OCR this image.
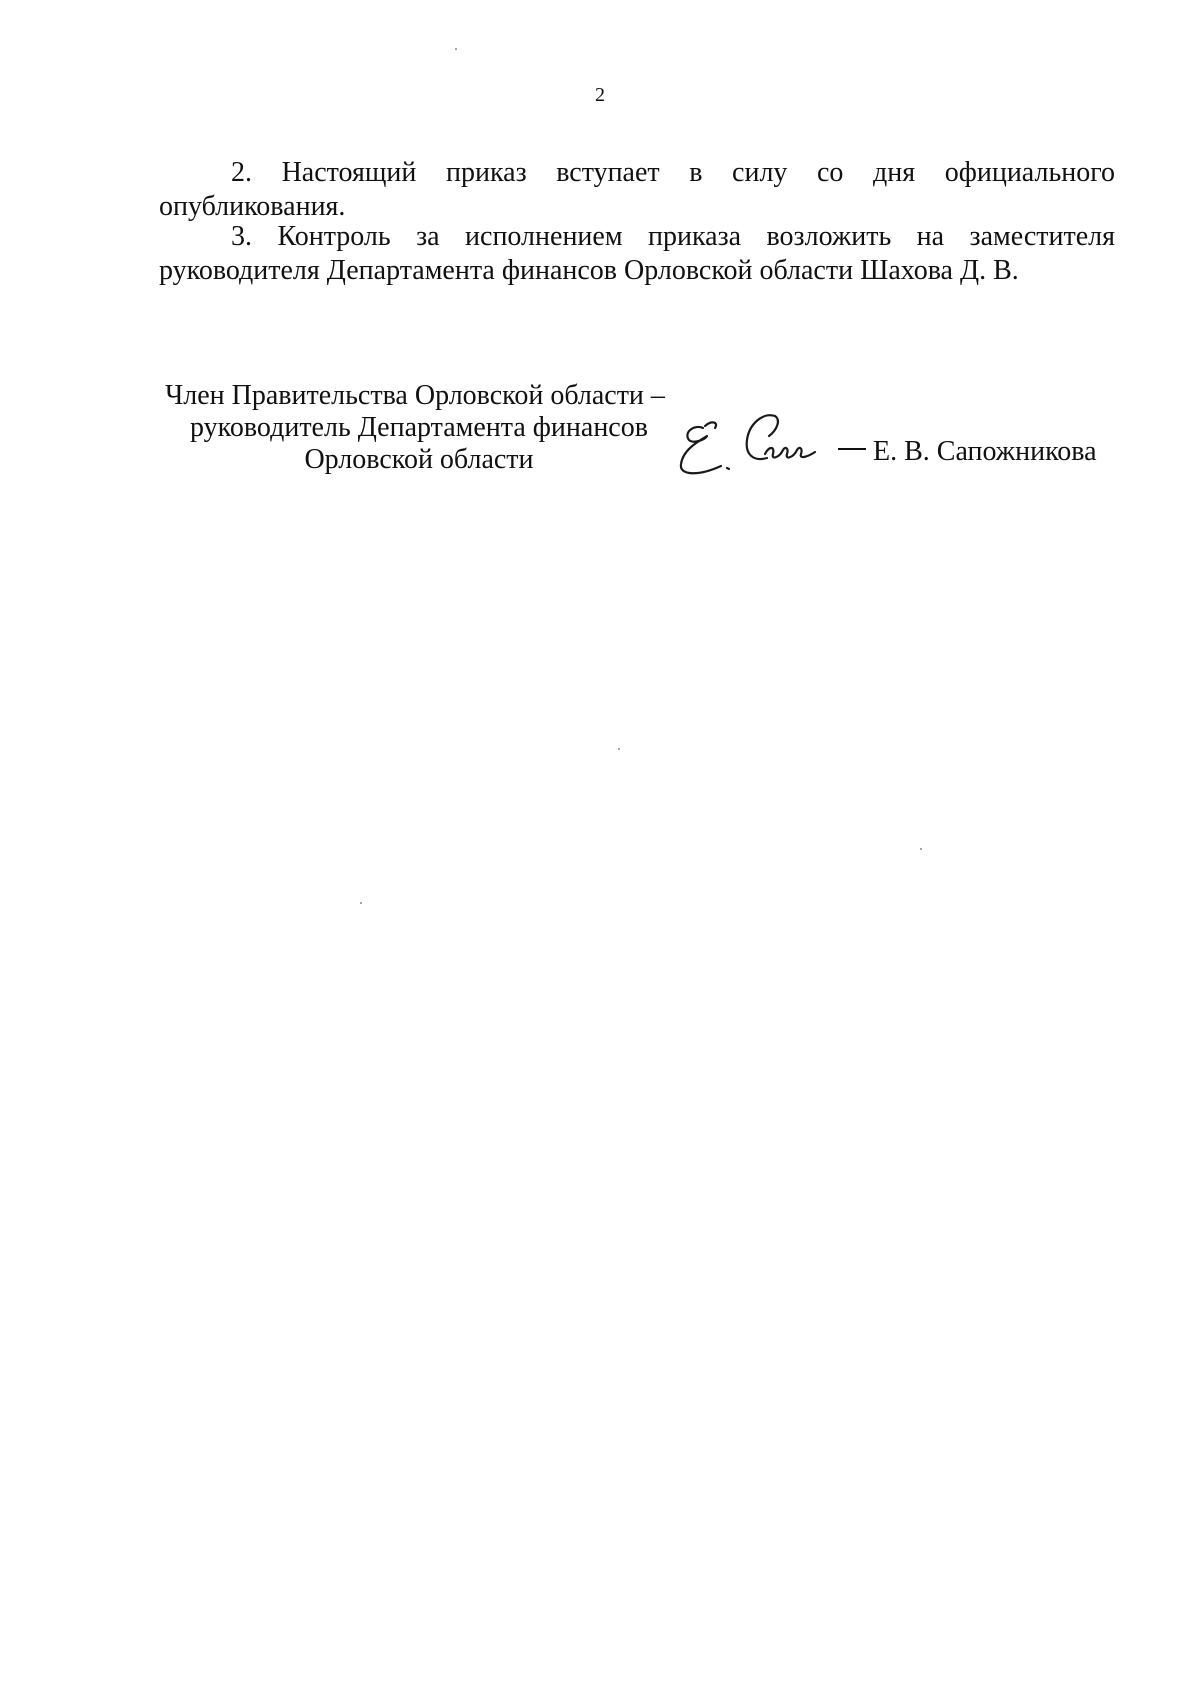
2

2. Настоящий приказ вступает в силу со дня официального опубликования.

3. Контроль за исполнением приказа возложить на заместителя руководителя Департамента финансов Орловской области Шахова Д. В.

Член Правительства Орловской области –
руководитель Департамента финансов
Орловской области	Е. В. Сапожникова
